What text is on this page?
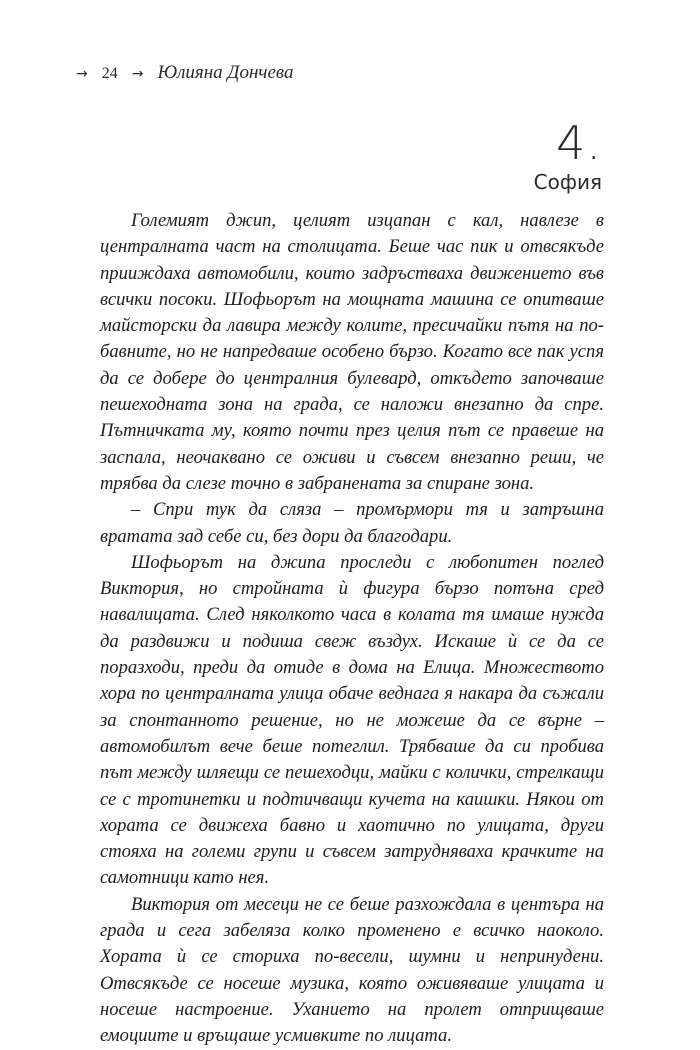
→ 24 → Юлияна Дончева
4.
София

Големият джип, целият изцапан с кал, навлезе в централната част на столицата. Беше час пик и отвсякъде прииждаха автомобили, които задръстваха движението във всички посоки. Шофьорът на мощната машина се опитваше майсторски да лавира между колите, пресичайки пътя на по-бавните, но не напредваше особено бързо. Когато все пак успя да се добере до централния булевард, откъдето започваше пешеходната зона на града, се наложи внезапно да спре. Пътничката му, която почти през целия път се правеше на заспала, неочаквано се оживи и съвсем внезапно реши, че трябва да слезе точно в забранената за спиране зона.

– Спри тук да сляза – промърмори тя и затръшна вратата зад себе си, без дори да благодари.

Шофьорът на джипа проследи с любопитен поглед Виктория, но стройната ѝ фигура бързо потъна сред навалицата. След няколкото часа в колата тя имаше нужда да раздвижи и подиша свеж въздух. Искаше ѝ се да се поразходи, преди да отиде в дома на Елица. Множеството хора по централната улица обаче веднага я накара да съжали за спонтанното решение, но не можеше да се върне – автомобилът вече беше потеглил. Трябваше да си пробива път между шляещи се пешеходци, майки с колички, стрелкащи се с тротинетки и подтичващи кучета на каишки. Някои от хората се движеха бавно и хаотично по улицата, други стояха на големи групи и съвсем затрудняваха крачките на самотници като нея.

Виктория от месеци не се беше разхождала в центъра на града и сега забеляза колко променено е всичко наоколо. Хората ѝ се сториха по-весели, шумни и непринудени. Отвсякъде се носеше музика, която оживяваше улицата и носеше настроение. Уханието на пролет отприщваше емоциите и връщаше усмивките по лицата.
